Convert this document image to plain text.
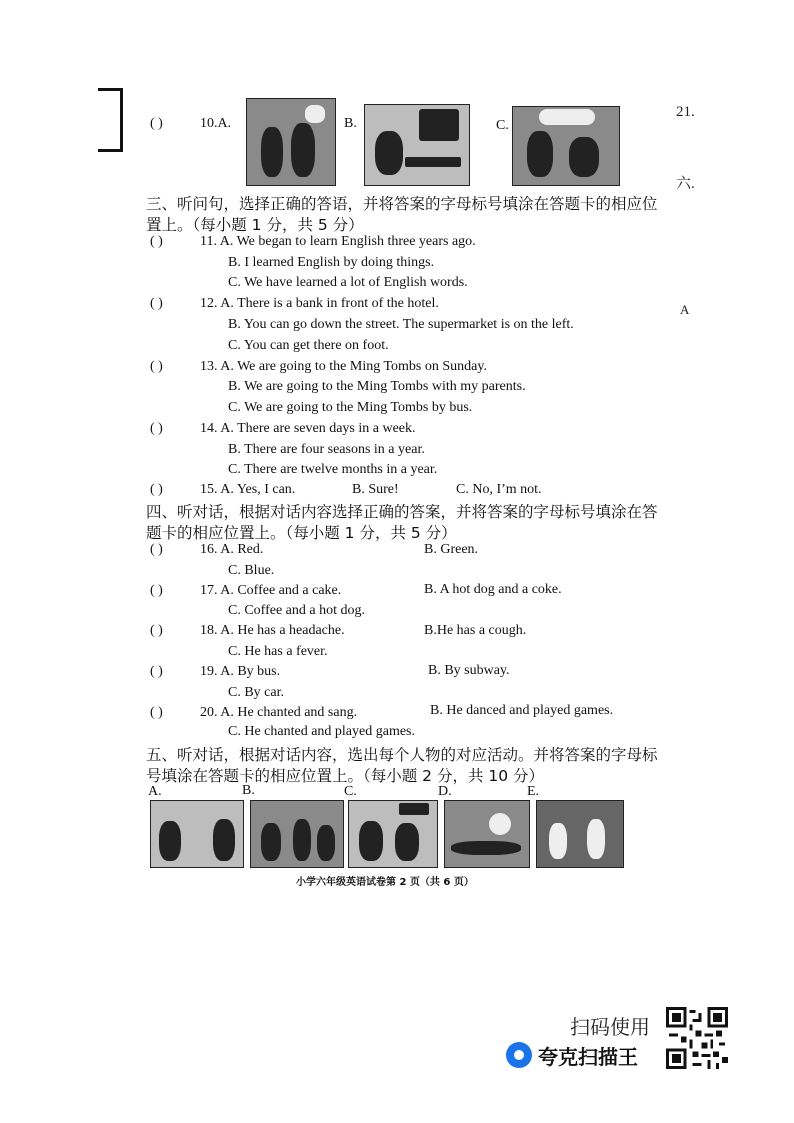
21.
六.
A
( )	10.A.	B.	C.
三、听问句，选择正确的答语，并将答案的字母标号填涂在答题卡的相应位
置上。（每小题 1 分，共 5 分）
( )	11. A. We began to learn English three years ago.
B. I learned English by doing things.
C. We have learned a lot of English words.
( )	12. A. There is a bank in front of the hotel.
B. You can go down the street. The supermarket is on the left.
C. You can get there on foot.
( )	13. A. We are going to the Ming Tombs on Sunday.
B. We are going to the Ming Tombs with my parents.
C. We are going to the Ming Tombs by bus.
( )	14. A. There are seven days in a week.
B. There are four seasons in a year.
C. There are twelve months in a year.
( )	15. A. Yes, I can.	B. Sure!	C. No, I’m not.
四、听对话，根据对话内容选择正确的答案，并将答案的字母标号填涂在答
题卡的相应位置上。（每小题 1 分，共 5 分）
( )	16. A. Red.	B. Green.
C. Blue.
( )	17. A. Coffee and a cake.	B. A hot dog and a coke.
C. Coffee and a hot dog.
( )	18. A. He has a headache.	B.He has a cough.
C. He has a fever.
( )	19. A. By bus.	B. By subway.
C. By car.
( )	20. A. He chanted and sang.	B. He danced and played games.
C. He chanted and played games.
五、听对话，根据对话内容，选出每个人物的对应活动。并将答案的字母标
号填涂在答题卡的相应位置上。（每小题 2 分，共 10 分）
A.	B.	C.	D.	E.
小学六年级英语试卷第 2 页（共 6 页）
扫码使用
夸克扫描王
